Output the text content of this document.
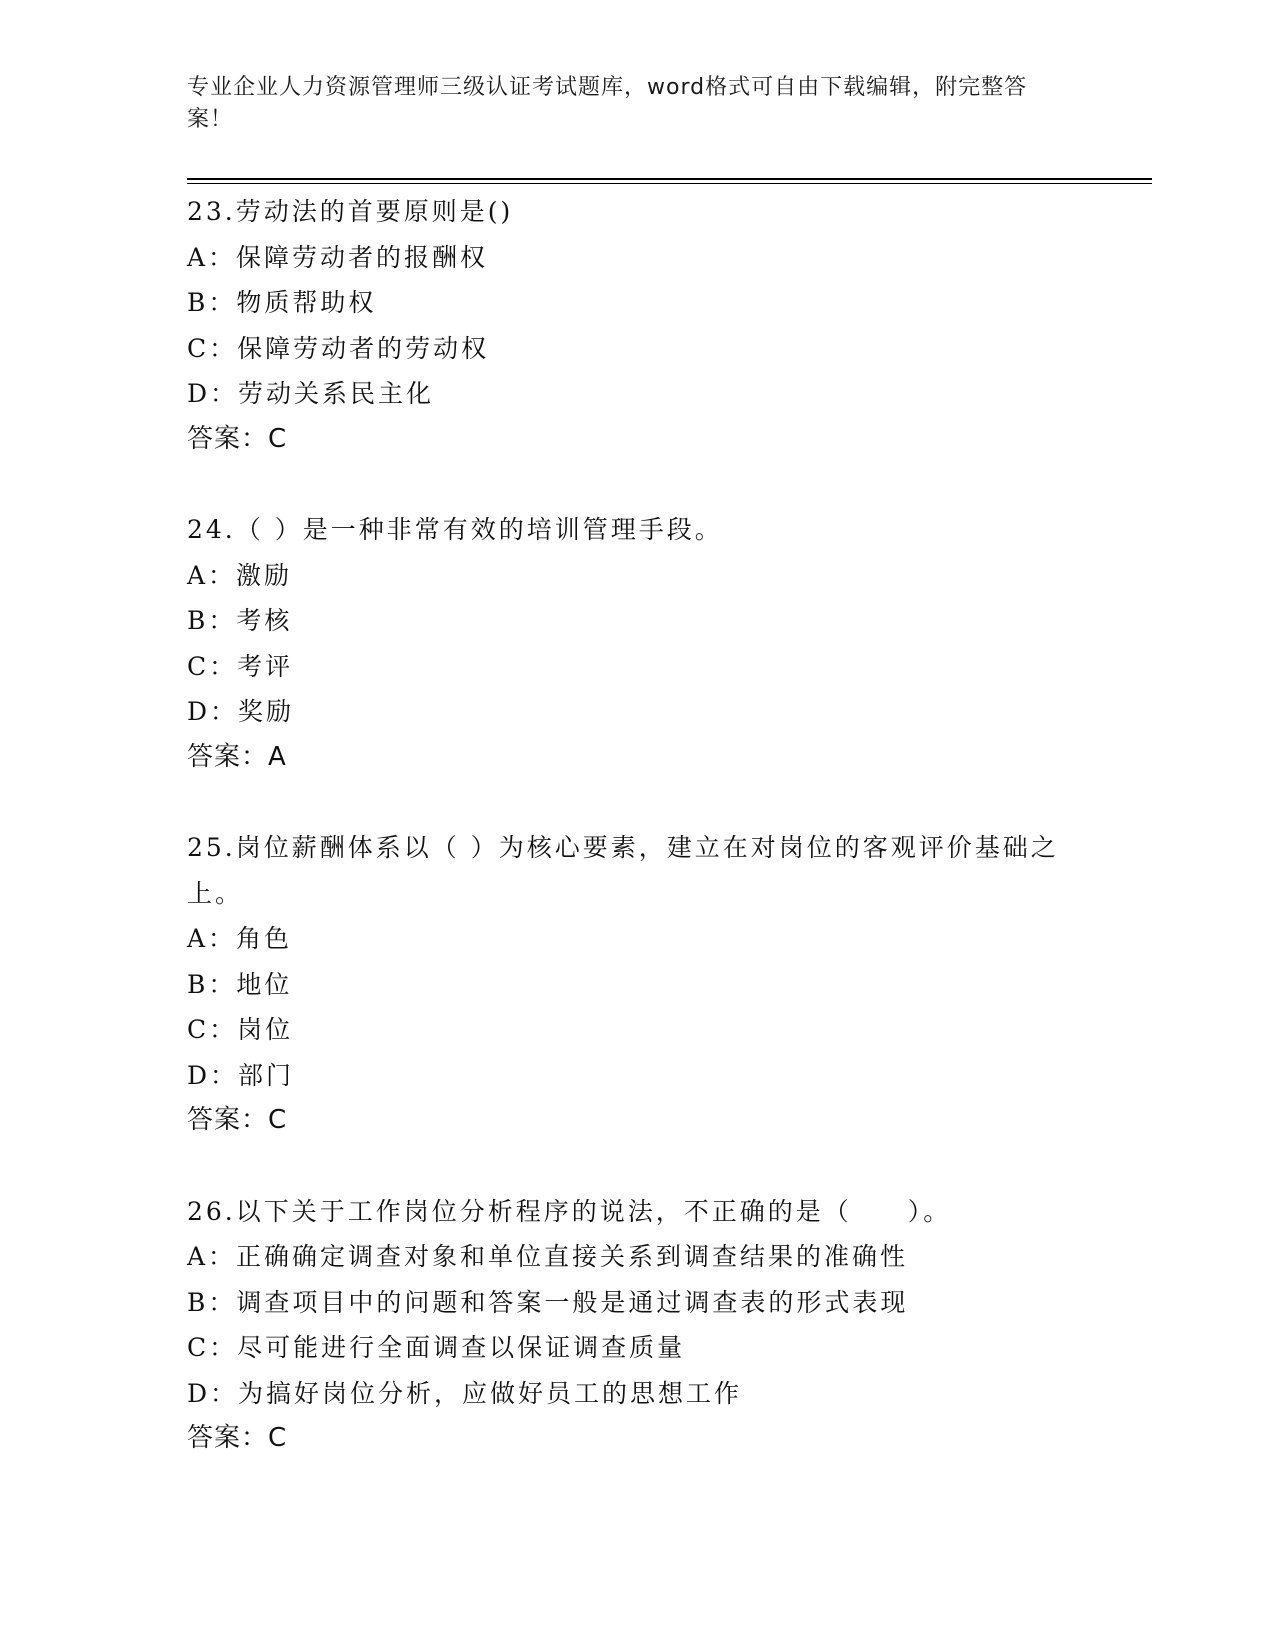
专业企业人力资源管理师三级认证考试题库，word格式可自由下载编辑，附完整答案！
23.劳动法的首要原则是()
A：保障劳动者的报酬权
B：物质帮助权
C：保障劳动者的劳动权
D：劳动关系民主化
答案：C
24.（ ）是一种非常有效的培训管理手段。
A：激励
B：考核
C：考评
D：奖励
答案：A
25.岗位薪酬体系以（ ）为核心要素，建立在对岗位的客观评价基础之上。
A：角色
B：地位
C：岗位
D：部门
答案：C
26.以下关于工作岗位分析程序的说法，不正确的是（　　）。
A：正确确定调查对象和单位直接关系到调查结果的准确性
B：调查项目中的问题和答案一般是通过调查表的形式表现
C：尽可能进行全面调查以保证调查质量
D：为搞好岗位分析，应做好员工的思想工作
答案：C
